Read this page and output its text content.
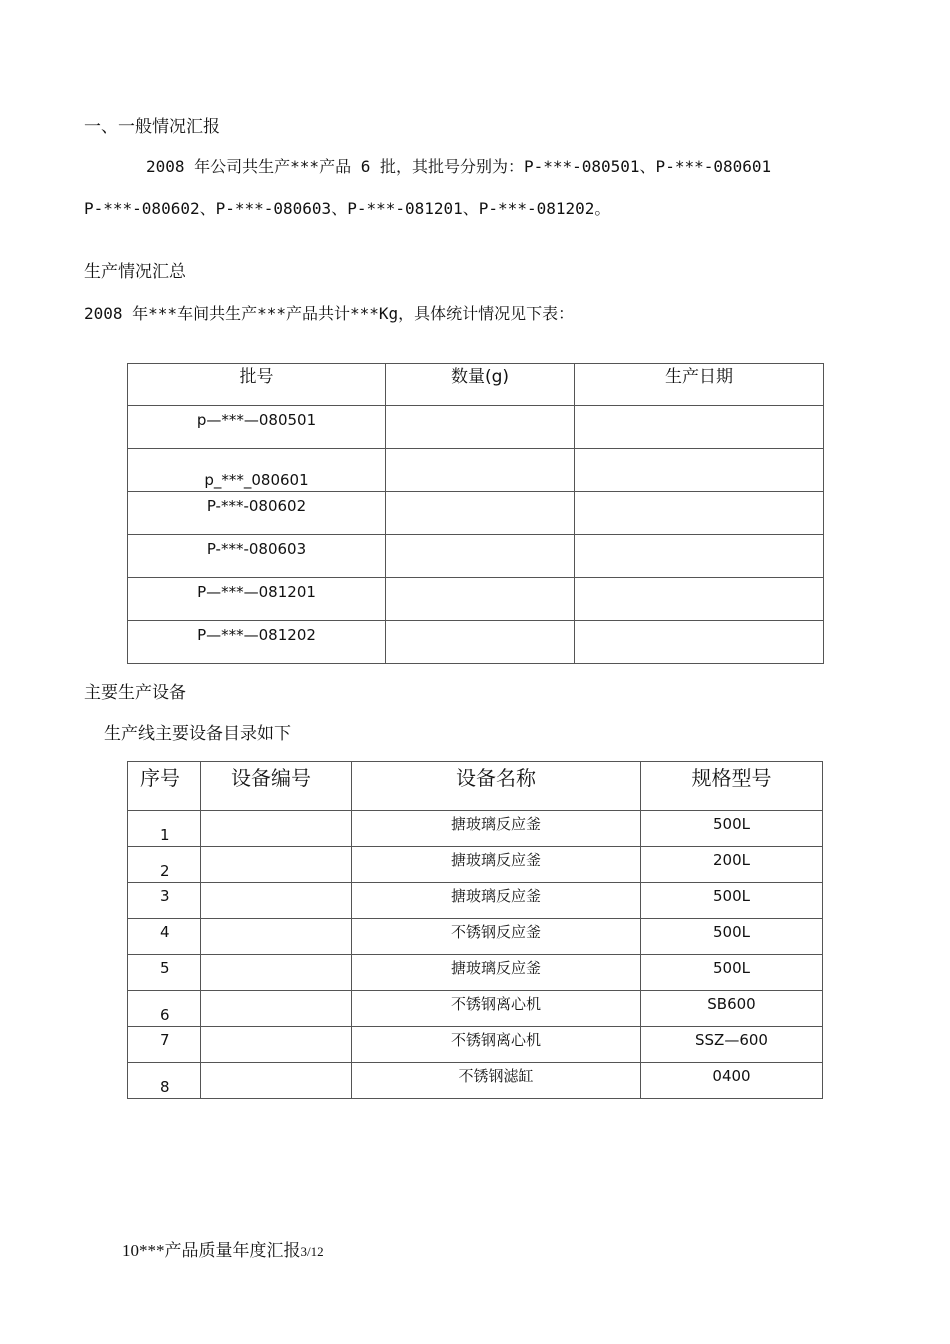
一、一般情况汇报
2008 年公司共生产***产品 6 批，其批号分别为：P-***-080501、P-***-080601
P-***-080602、P-***-080603、P-***-081201、P-***-081202。
生产情况汇总
2008 年***车间共生产***产品共计***Kg，具体统计情况见下表：
批号	数量(g)	生产日期
p—***—080501		
p_***_080601		
P-***-080602		
P-***-080603		
P—***—081201		
P—***—081202		
主要生产设备
生产线主要设备目录如下
序号	设备编号	设备名称	规格型号
1		搪玻璃反应釜	500L
2		搪玻璃反应釜	200L
3		搪玻璃反应釜	500L
4		不锈钢反应釜	500L
5		搪玻璃反应釜	500L
6		不锈钢离心机	SB600
7		不锈钢离心机	SSZ—600
8		不锈钢滤缸	0400
10***产品质量年度汇报3/12
